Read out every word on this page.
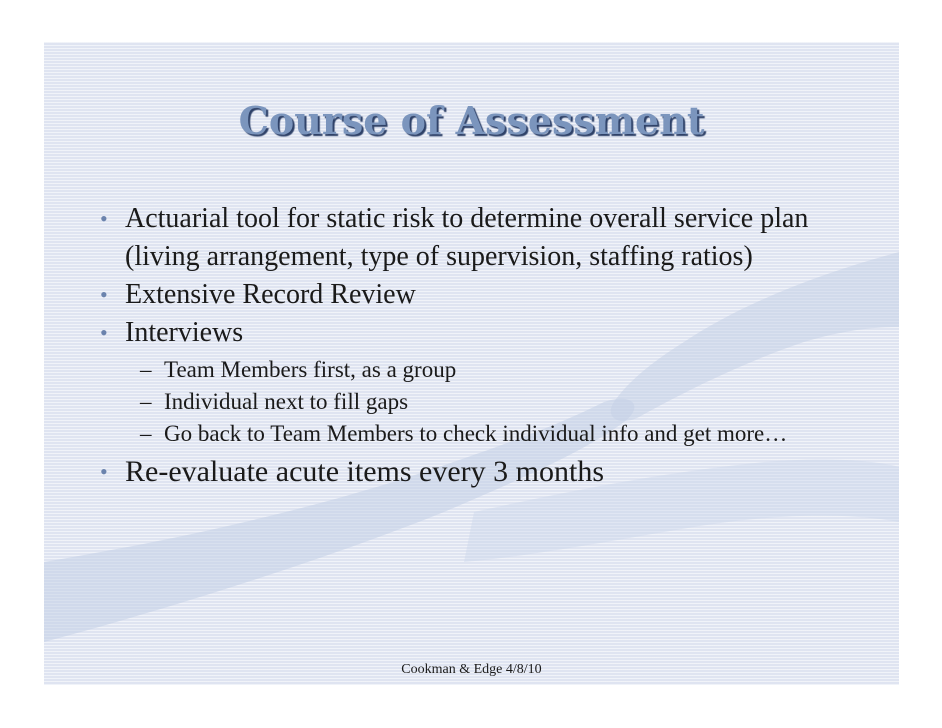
Course of Assessment

• Actuarial tool for static risk to determine overall service plan (living arrangement, type of supervision, staffing ratios)

• Extensive Record Review

• Interviews

– Team Members first, as a group

– Individual next to fill gaps

– Go back to Team Members to check individual info and get more…

• Re-evaluate acute items every 3 months

Cookman & Edge 4/8/10
